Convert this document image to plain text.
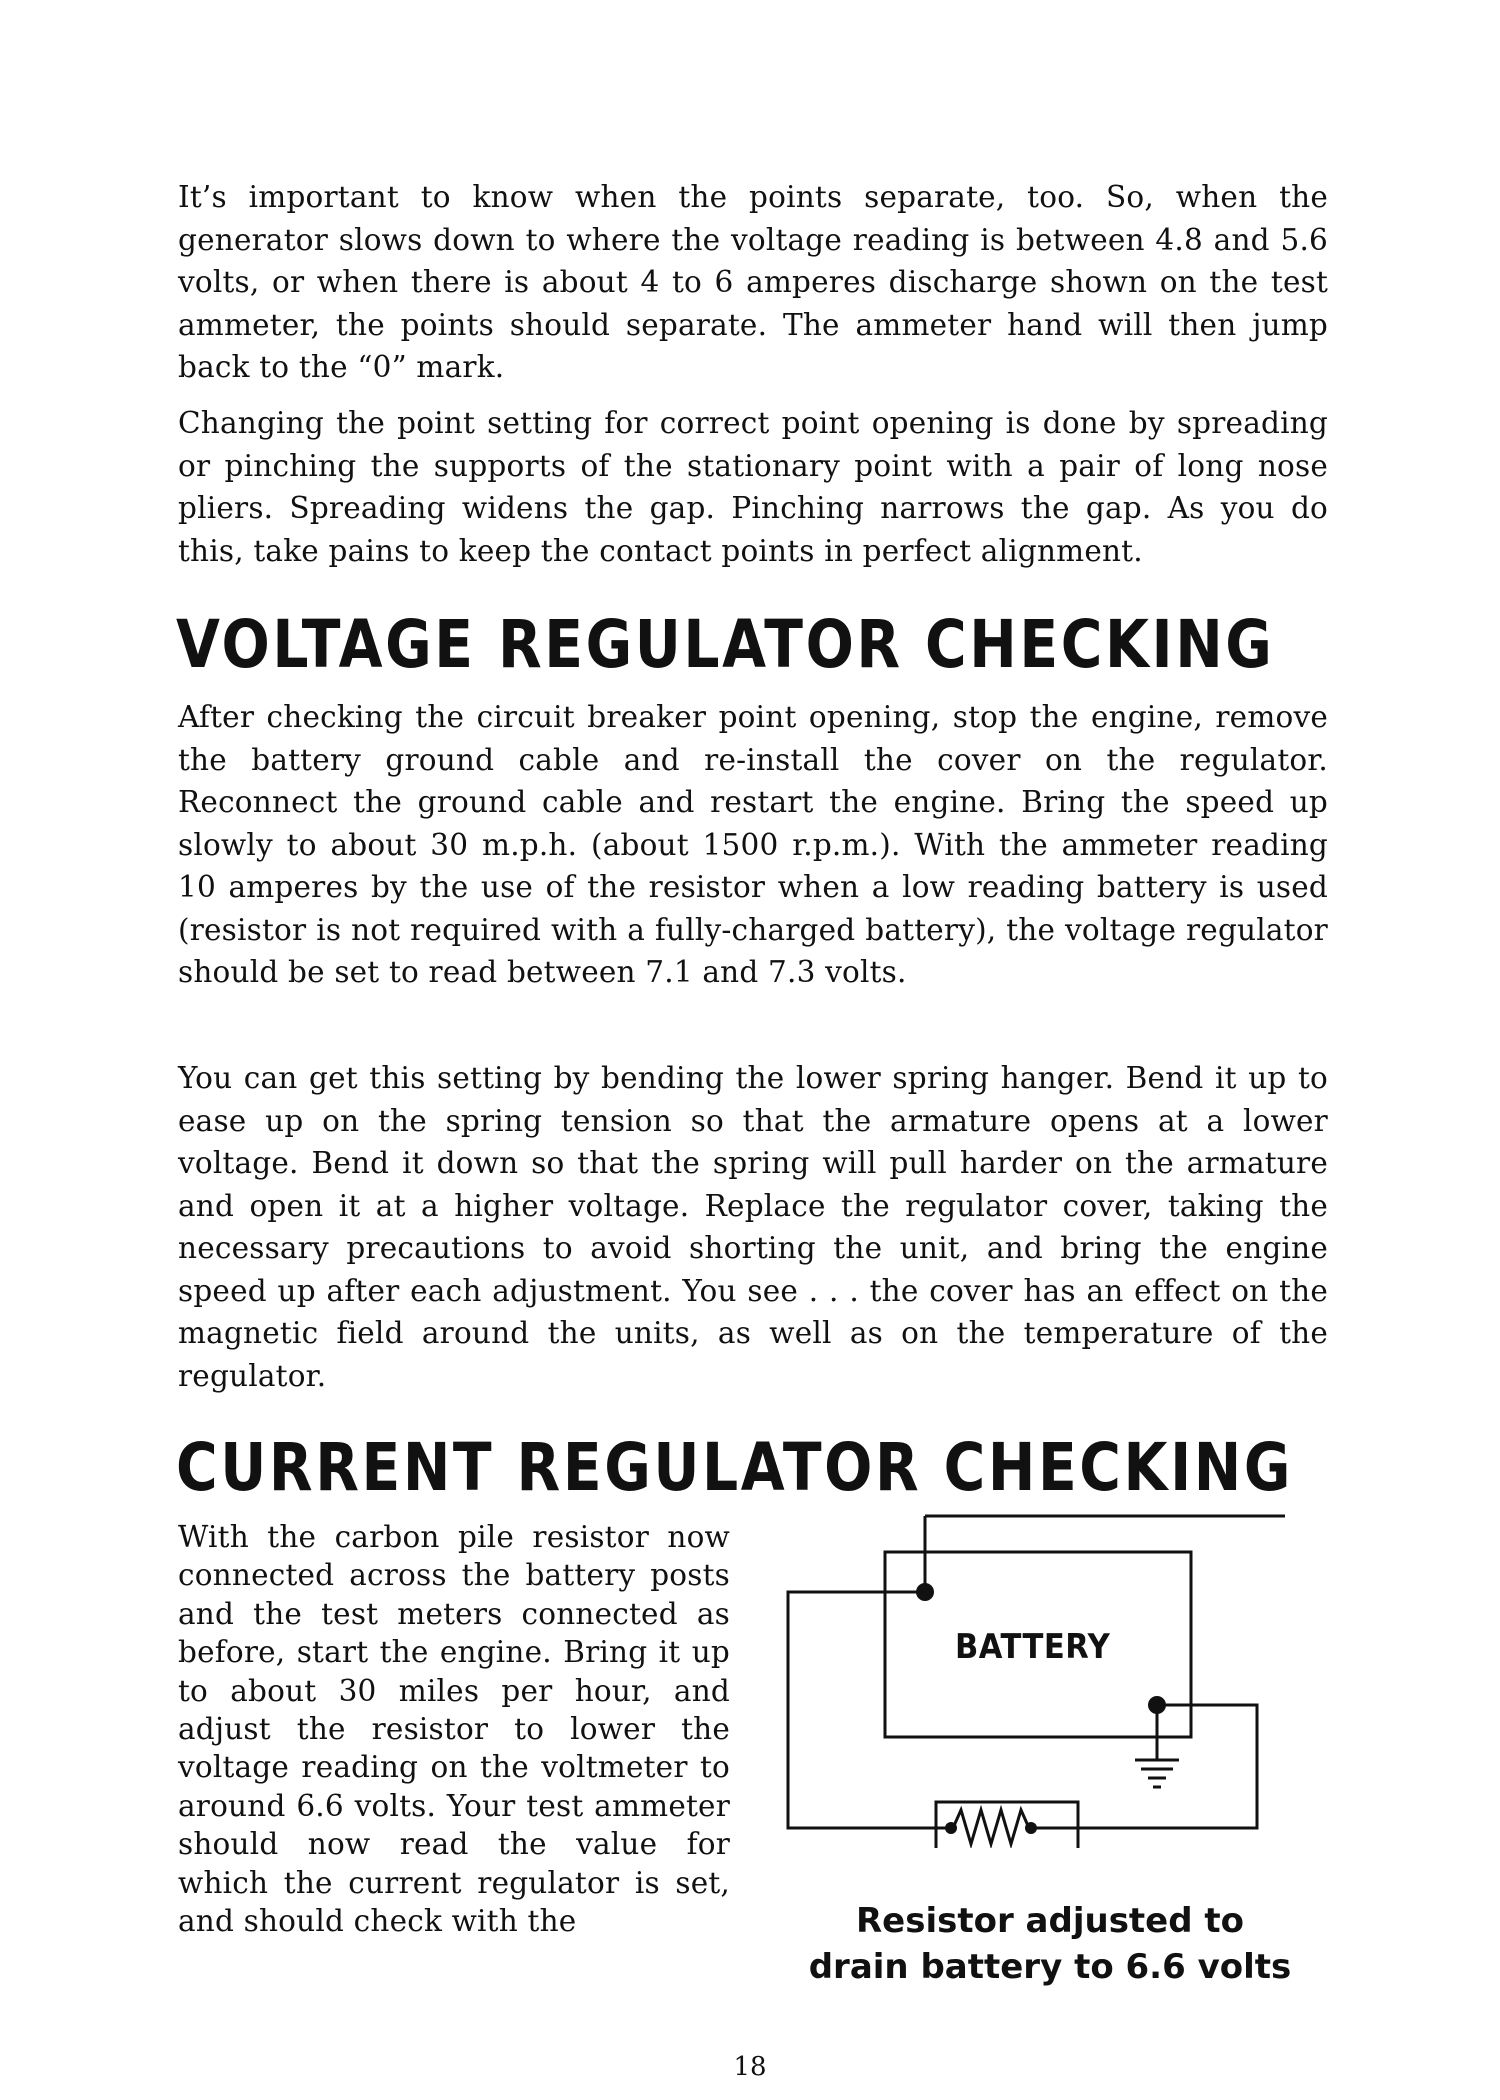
It’s important to know when the points separate, too. So, when the generator slows down to where the voltage reading is between 4.8 and 5.6 volts, or when there is about 4 to 6 amperes discharge shown on the test ammeter, the points should separate. The ammeter hand will then jump back to the “0” mark.

Changing the point setting for correct point opening is done by spreading or pinching the supports of the stationary point with a pair of long nose pliers. Spreading widens the gap. Pinching narrows the gap. As you do this, take pains to keep the contact points in perfect alignment.

VOLTAGE REGULATOR CHECKING

After checking the circuit breaker point opening, stop the engine, remove the battery ground cable and re-install the cover on the regulator. Reconnect the ground cable and restart the engine. Bring the speed up slowly to about 30 m.p.h. (about 1500 r.p.m.). With the ammeter reading 10 amperes by the use of the resistor when a low reading battery is used (resistor is not required with a fully-charged battery), the voltage regulator should be set to read between 7.1 and 7.3 volts.

You can get this setting by bending the lower spring hanger. Bend it up to ease up on the spring tension so that the armature opens at a lower voltage. Bend it down so that the spring will pull harder on the armature and open it at a higher voltage. Replace the regulator cover, taking the necessary precautions to avoid shorting the unit, and bring the engine speed up after each adjustment. You see . . . the cover has an effect on the magnetic field around the units, as well as on the temperature of the regulator.

CURRENT REGULATOR CHECKING

With the carbon pile resistor now connected across the battery posts and the test meters connected as before, start the engine. Bring it up to about 30 miles per hour, and adjust the resistor to lower the voltage reading on the voltmeter to around 6.6 volts. Your test ammeter should now read the value for which the current regulator is set, and should check with the

BATTERY
Resistor adjusted to
drain battery to 6.6 volts
18
